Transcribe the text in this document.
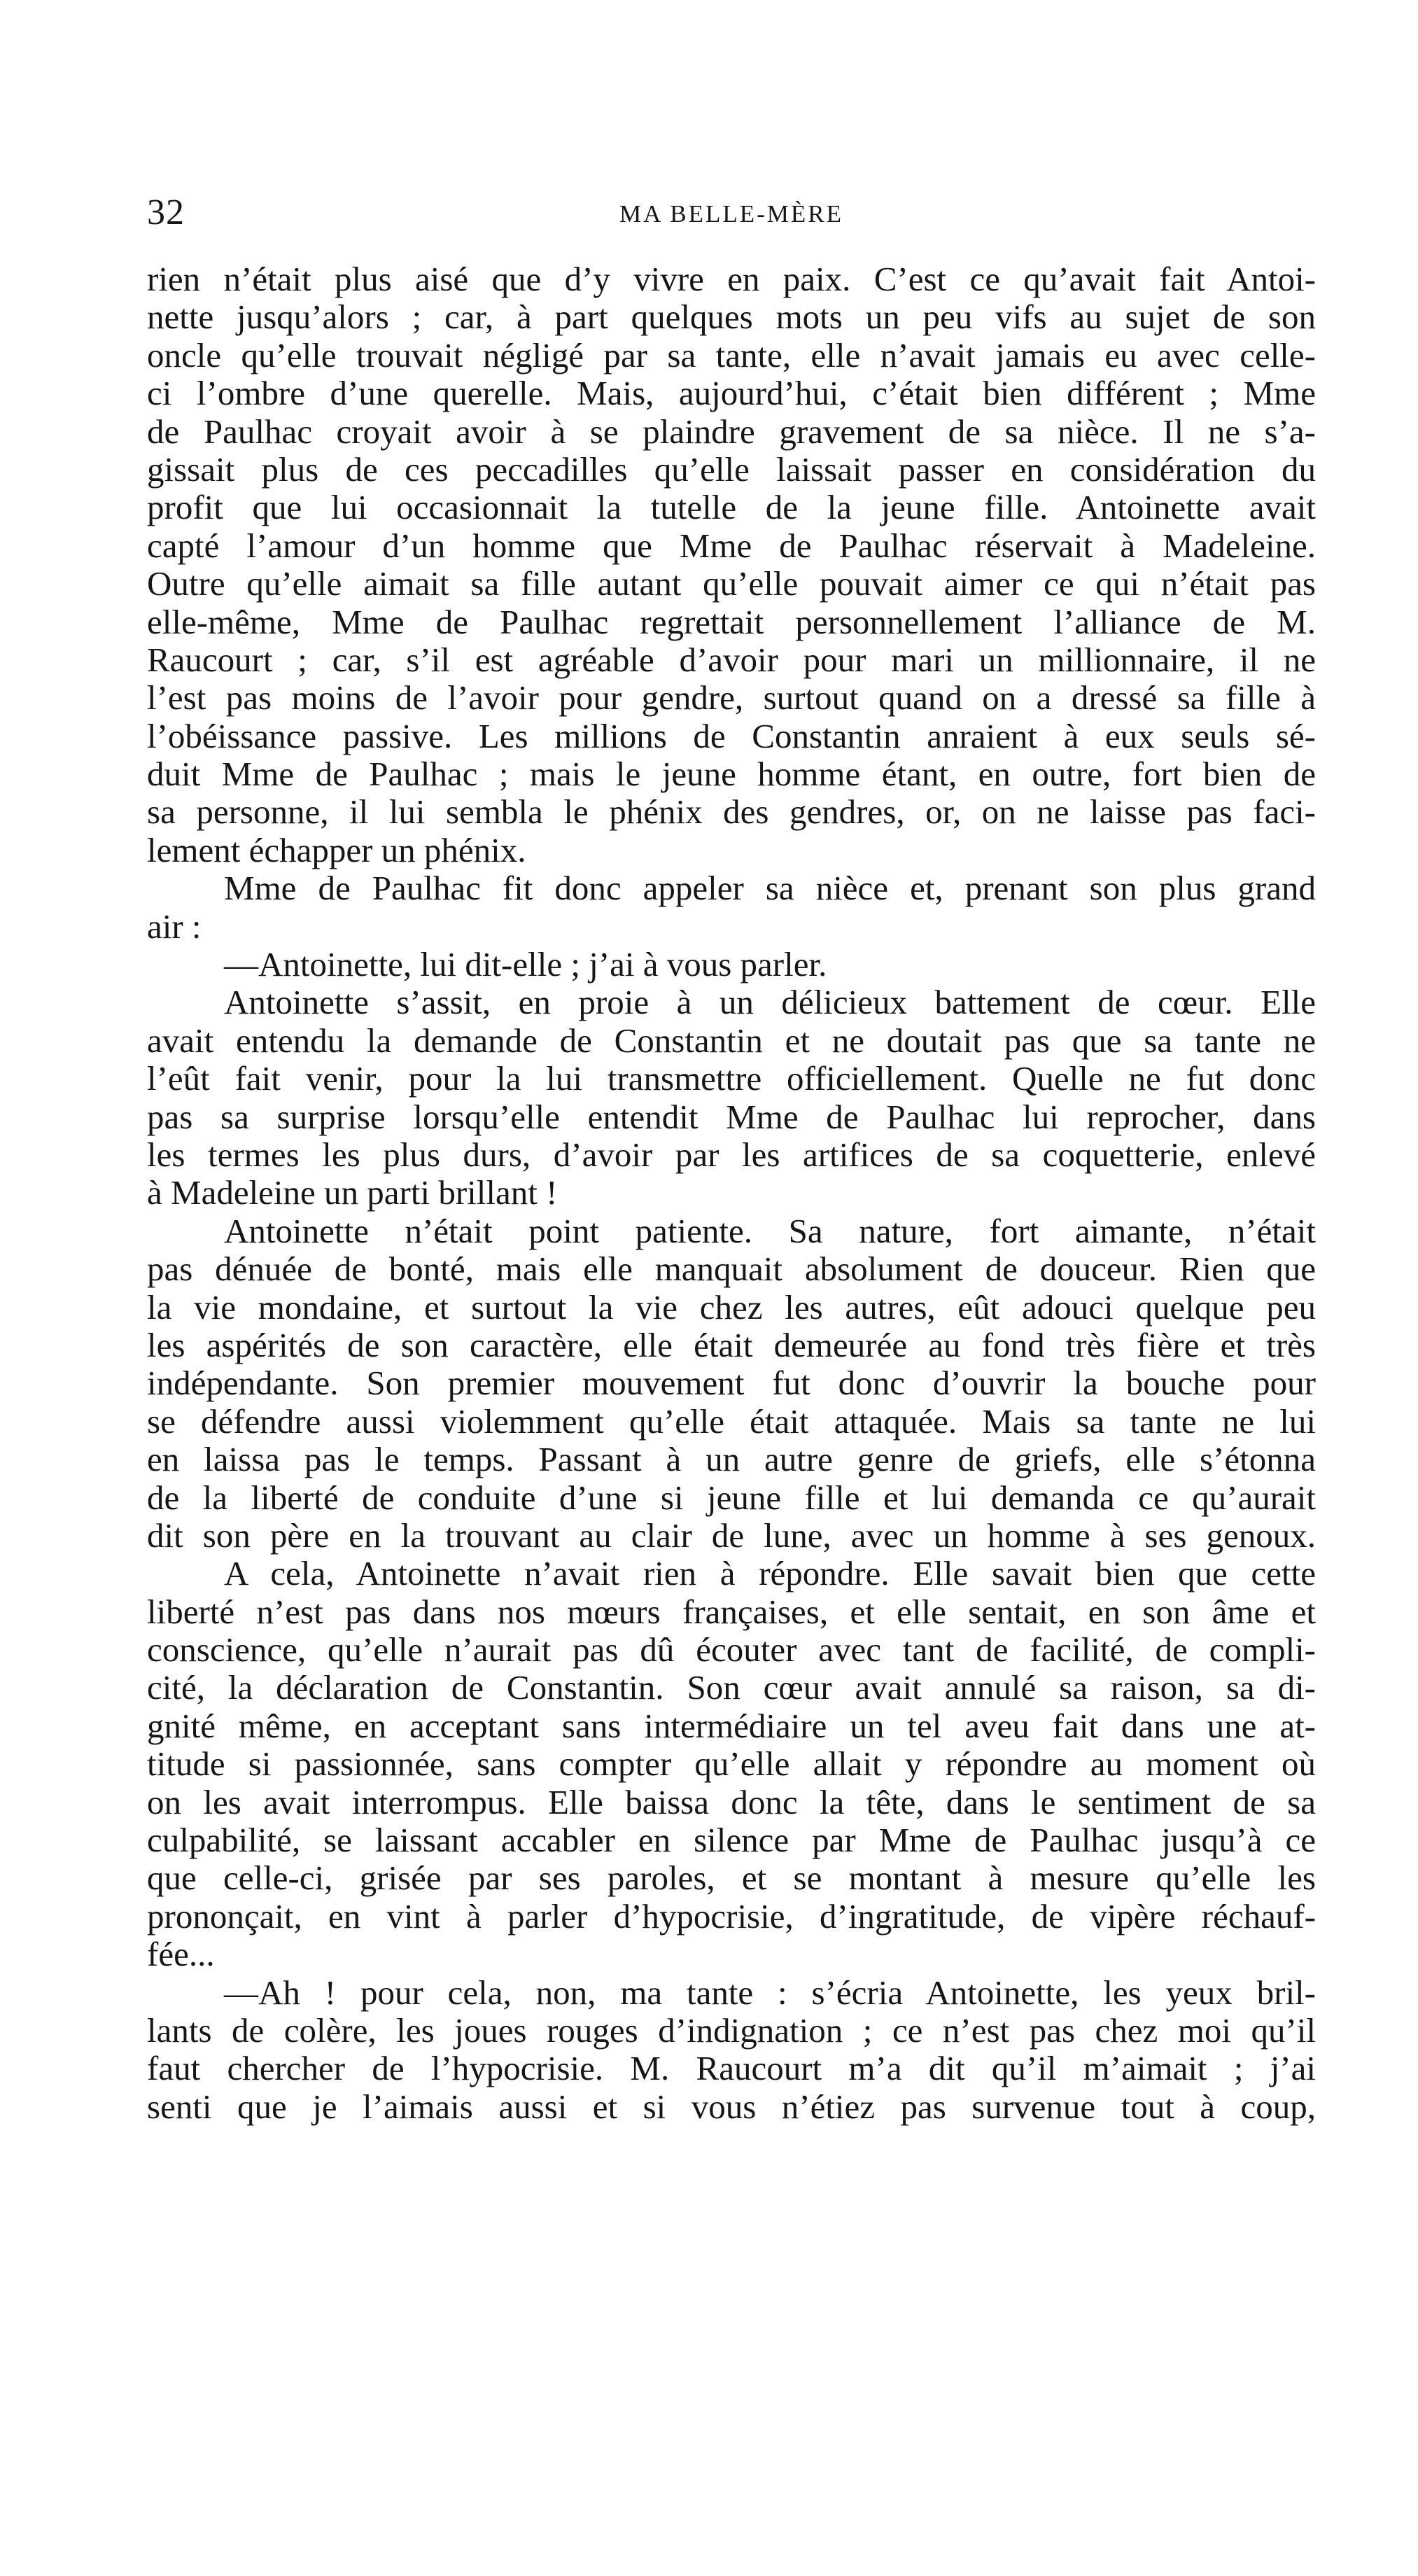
32	MA BELLE-MÈRE
rien n’était plus aisé que d’y vivre en paix. C’est ce qu’avait fait Antoi-
nette jusqu’alors ; car, à part quelques mots un peu vifs au sujet de son
oncle qu’elle trouvait négligé par sa tante, elle n’avait jamais eu avec celle-
ci l’ombre d’une querelle. Mais, aujourd’hui, c’était bien différent ; Mme
de Paulhac croyait avoir à se plaindre gravement de sa nièce. Il ne s’a-
gissait plus de ces peccadilles qu’elle laissait passer en considération du
profit que lui occasionnait la tutelle de la jeune fille. Antoinette avait
capté l’amour d’un homme que Mme de Paulhac réservait à Madeleine.
Outre qu’elle aimait sa fille autant qu’elle pouvait aimer ce qui n’était pas
elle-même, Mme de Paulhac regrettait personnellement l’alliance de M.
Raucourt ; car, s’il est agréable d’avoir pour mari un millionnaire, il ne
l’est pas moins de l’avoir pour gendre, surtout quand on a dressé sa fille à
l’obéissance passive. Les millions de Constantin anraient à eux seuls sé-
duit Mme de Paulhac ; mais le jeune homme étant, en outre, fort bien de
sa personne, il lui sembla le phénix des gendres, or, on ne laisse pas faci-
lement échapper un phénix.
Mme de Paulhac fit donc appeler sa nièce et, prenant son plus grand
air :
—Antoinette, lui dit-elle ; j’ai à vous parler.
Antoinette s’assit, en proie à un délicieux battement de cœur. Elle
avait entendu la demande de Constantin et ne doutait pas que sa tante ne
l’eût fait venir, pour la lui transmettre officiellement. Quelle ne fut donc
pas sa surprise lorsqu’elle entendit Mme de Paulhac lui reprocher, dans
les termes les plus durs, d’avoir par les artifices de sa coquetterie, enlevé
à Madeleine un parti brillant !
Antoinette n’était point patiente. Sa nature, fort aimante, n’était
pas dénuée de bonté, mais elle manquait absolument de douceur. Rien que
la vie mondaine, et surtout la vie chez les autres, eût adouci quelque peu
les aspérités de son caractère, elle était demeurée au fond très fière et très
indépendante. Son premier mouvement fut donc d’ouvrir la bouche pour
se défendre aussi violemment qu’elle était attaquée. Mais sa tante ne lui
en laissa pas le temps. Passant à un autre genre de griefs, elle s’étonna
de la liberté de conduite d’une si jeune fille et lui demanda ce qu’aurait
dit son père en la trouvant au clair de lune, avec un homme à ses genoux.
A cela, Antoinette n’avait rien à répondre. Elle savait bien que cette
liberté n’est pas dans nos mœurs françaises, et elle sentait, en son âme et
conscience, qu’elle n’aurait pas dû écouter avec tant de facilité, de compli-
cité, la déclaration de Constantin. Son cœur avait annulé sa raison, sa di-
gnité même, en acceptant sans intermédiaire un tel aveu fait dans une at-
titude si passionnée, sans compter qu’elle allait y répondre au moment où
on les avait interrompus. Elle baissa donc la tête, dans le sentiment de sa
culpabilité, se laissant accabler en silence par Mme de Paulhac jusqu’à ce
que celle-ci, grisée par ses paroles, et se montant à mesure qu’elle les
prononçait, en vint à parler d’hypocrisie, d’ingratitude, de vipère réchauf-
fée...
—Ah ! pour cela, non, ma tante : s’écria Antoinette, les yeux bril-
lants de colère, les joues rouges d’indignation ; ce n’est pas chez moi qu’il
faut chercher de l’hypocrisie. M. Raucourt m’a dit qu’il m’aimait ; j’ai
senti que je l’aimais aussi et si vous n’étiez pas survenue tout à coup,
